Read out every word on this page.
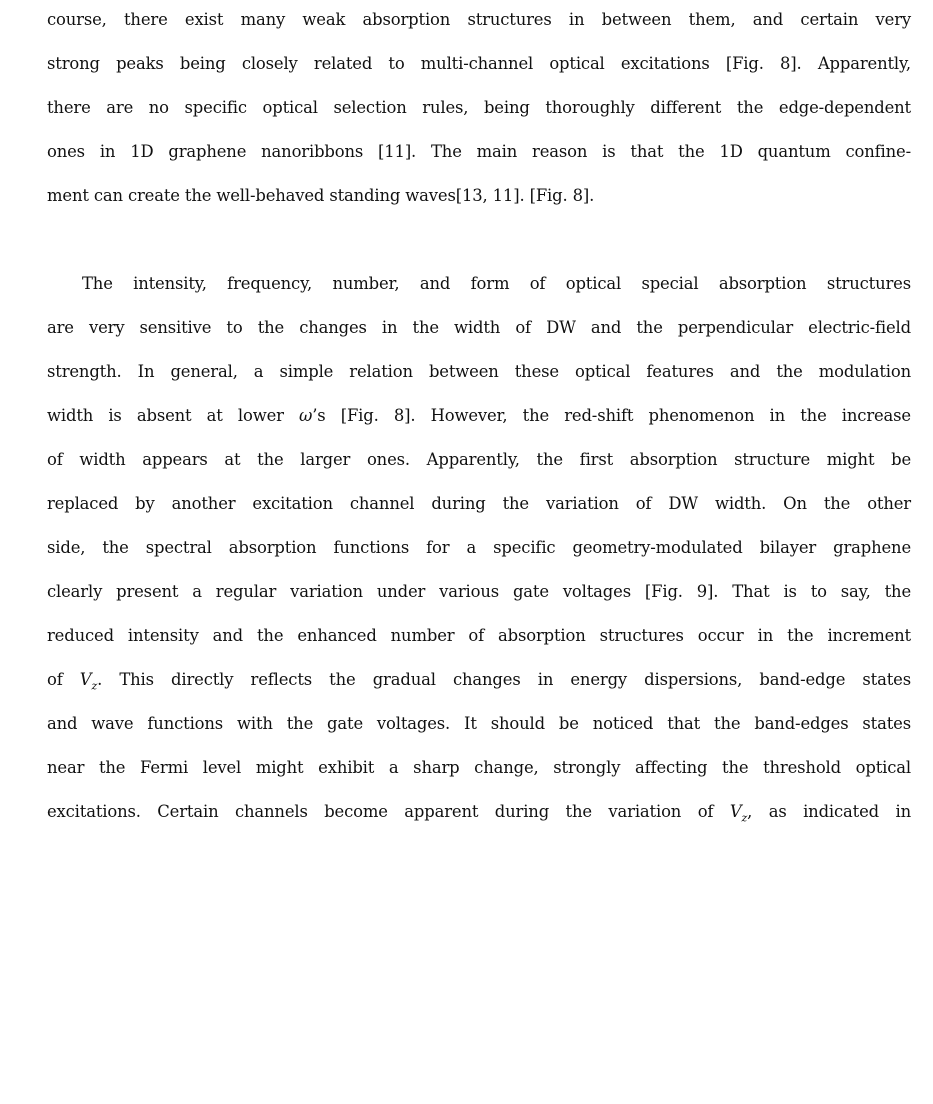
course, there exist many weak absorption structures in between them, and certain very
strong peaks being closely related to multi-channel optical excitations [Fig. 8]. Apparently,
there are no specific optical selection rules, being thoroughly different the edge-dependent
ones in 1D graphene nanoribbons [11]. The main reason is that the 1D quantum confine-
ment can create the well-behaved standing waves[13, 11]. [Fig. 8].
The intensity, frequency, number, and form of optical special absorption structures
are very sensitive to the changes in the width of DW and the perpendicular electric-field
strength. In general, a simple relation between these optical features and the modulation
width is absent at lower ω’s [Fig. 8]. However, the red-shift phenomenon in the increase
of width appears at the larger ones. Apparently, the first absorption structure might be
replaced by another excitation channel during the variation of DW width. On the other
side, the spectral absorption functions for a specific geometry-modulated bilayer graphene
clearly present a regular variation under various gate voltages [Fig. 9]. That is to say, the
reduced intensity and the enhanced number of absorption structures occur in the increment
of $V_z$. This directly reflects the gradual changes in energy dispersions, band-edge states
and wave functions with the gate voltages. It should be noticed that the band-edges states
near the Fermi level might exhibit a sharp change, strongly affecting the threshold optical
excitations. Certain channels become apparent during the variation of $V_z$, as indicated in
